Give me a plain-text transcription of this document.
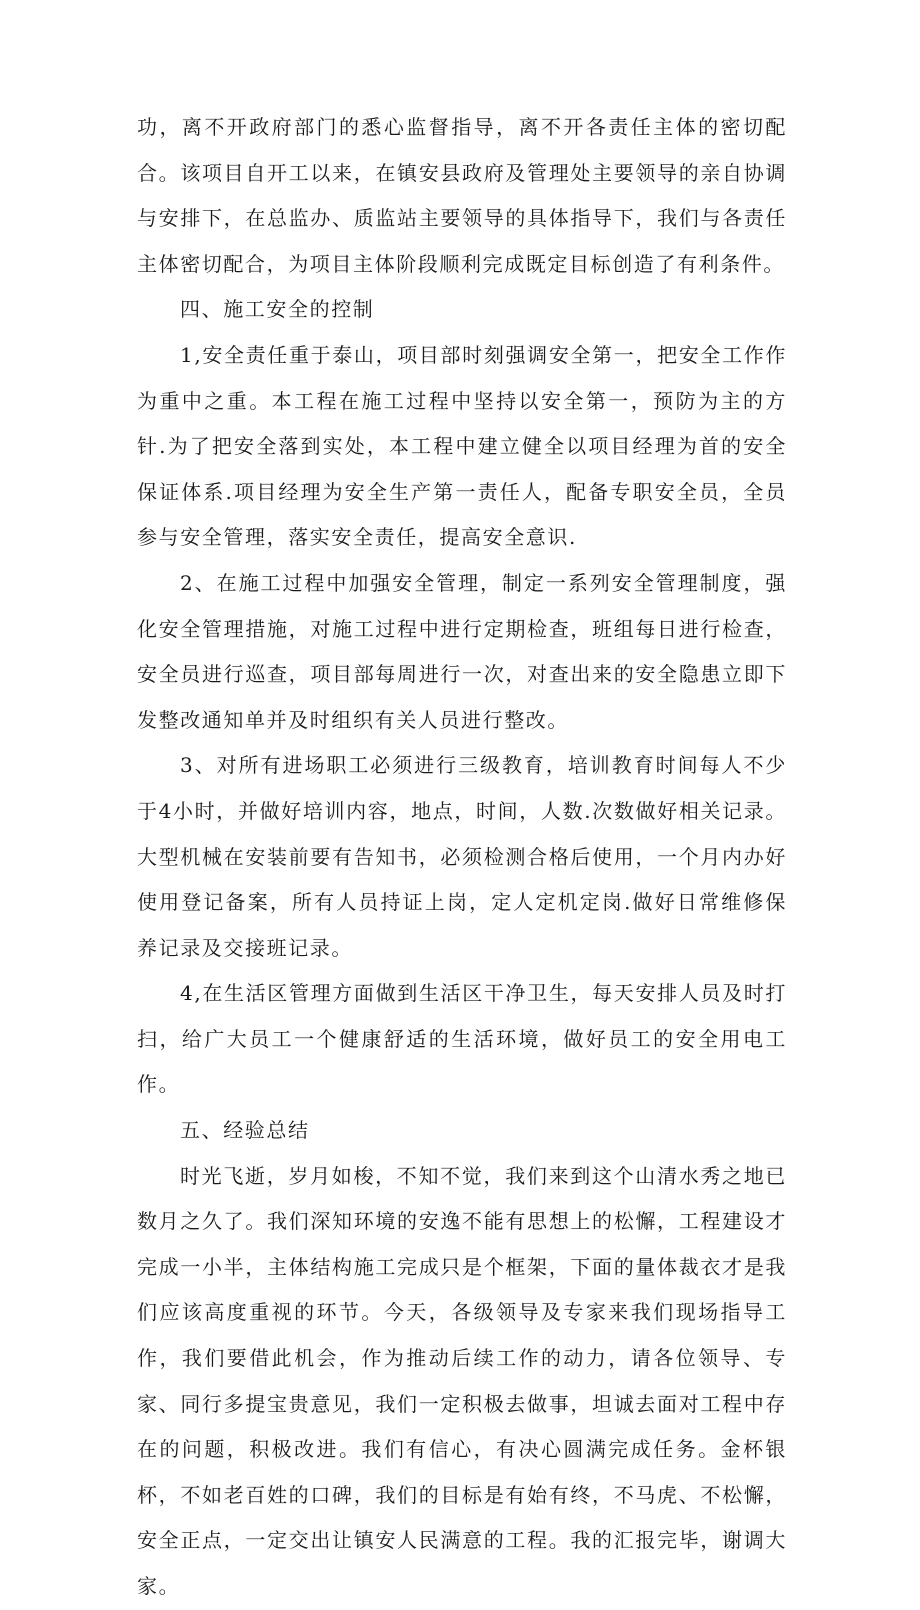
功，离不开政府部门的悉心监督指导，离不开各责任主体的密切配合。该项目自开工以来，在镇安县政府及管理处主要领导的亲自协调与安排下，在总监办、质监站主要领导的具体指导下，我们与各责任主体密切配合，为项目主体阶段顺利完成既定目标创造了有利条件。

四、施工安全的控制

1,安全责任重于泰山，项目部时刻强调安全第一，把安全工作作为重中之重。本工程在施工过程中坚持以安全第一，预防为主的方针.为了把安全落到实处，本工程中建立健全以项目经理为首的安全保证体系.项目经理为安全生产第一责任人，配备专职安全员，全员参与安全管理，落实安全责任，提高安全意识.

2、在施工过程中加强安全管理，制定一系列安全管理制度，强化安全管理措施，对施工过程中进行定期检查，班组每日进行检查，安全员进行巡查，项目部每周进行一次，对查出来的安全隐患立即下发整改通知单并及时组织有关人员进行整改。

3、对所有进场职工必须进行三级教育，培训教育时间每人不少于4小时，并做好培训内容，地点，时间，人数.次数做好相关记录。大型机械在安装前要有告知书，必须检测合格后使用，一个月内办好使用登记备案，所有人员持证上岗，定人定机定岗.做好日常维修保养记录及交接班记录。

4,在生活区管理方面做到生活区干净卫生，每天安排人员及时打扫，给广大员工一个健康舒适的生活环境，做好员工的安全用电工作。

五、经验总结

时光飞逝，岁月如梭，不知不觉，我们来到这个山清水秀之地已数月之久了。我们深知环境的安逸不能有思想上的松懈，工程建设才完成一小半，主体结构施工完成只是个框架，下面的量体裁衣才是我们应该高度重视的环节。今天，各级领导及专家来我们现场指导工作，我们要借此机会，作为推动后续工作的动力，请各位领导、专家、同行多提宝贵意见，我们一定积极去做事，坦诚去面对工程中存在的问题，积极改进。我们有信心，有决心圆满完成任务。金杯银杯，不如老百姓的口碑，我们的目标是有始有终，不马虎、不松懈，安全正点，一定交出让镇安人民满意的工程。我的汇报完毕，谢调大家。
